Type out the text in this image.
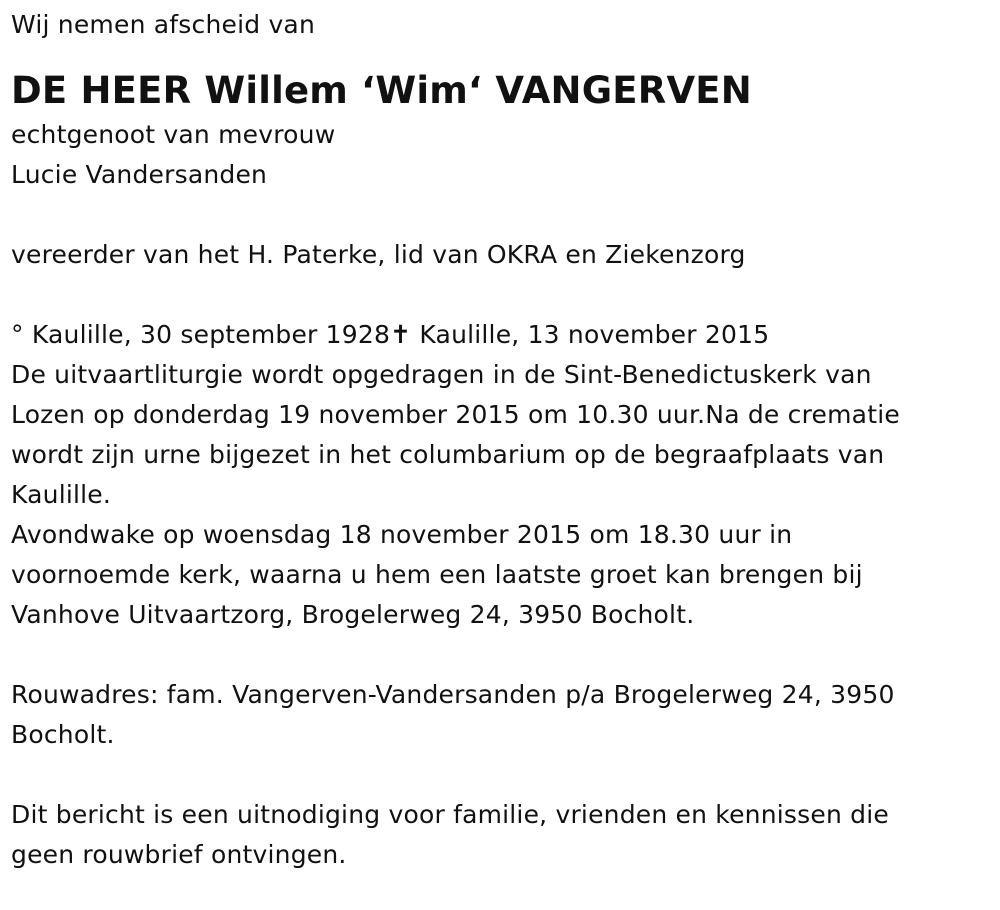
Wij nemen afscheid van
DE HEER Willem ‘Wim‘ VANGERVEN
echtgenoot van mevrouw
Lucie Vandersanden
vereerder van het H. Paterke, lid van OKRA en Ziekenzorg
° Kaulille, 30 september 1928✝ Kaulille, 13 november 2015
De uitvaartliturgie wordt opgedragen in de Sint-Benedictuskerk van
Lozen op donderdag 19 november 2015 om 10.30 uur.Na de crematie
wordt zijn urne bijgezet in het columbarium op de begraafplaats van
Kaulille.
Avondwake op woensdag 18 november 2015 om 18.30 uur in
voornoemde kerk, waarna u hem een laatste groet kan brengen bij
Vanhove Uitvaartzorg, Brogelerweg 24, 3950 Bocholt.
Rouwadres: fam. Vangerven-Vandersanden p/a Brogelerweg 24, 3950
Bocholt.
Dit bericht is een uitnodiging voor familie, vrienden en kennissen die
geen rouwbrief ontvingen.
